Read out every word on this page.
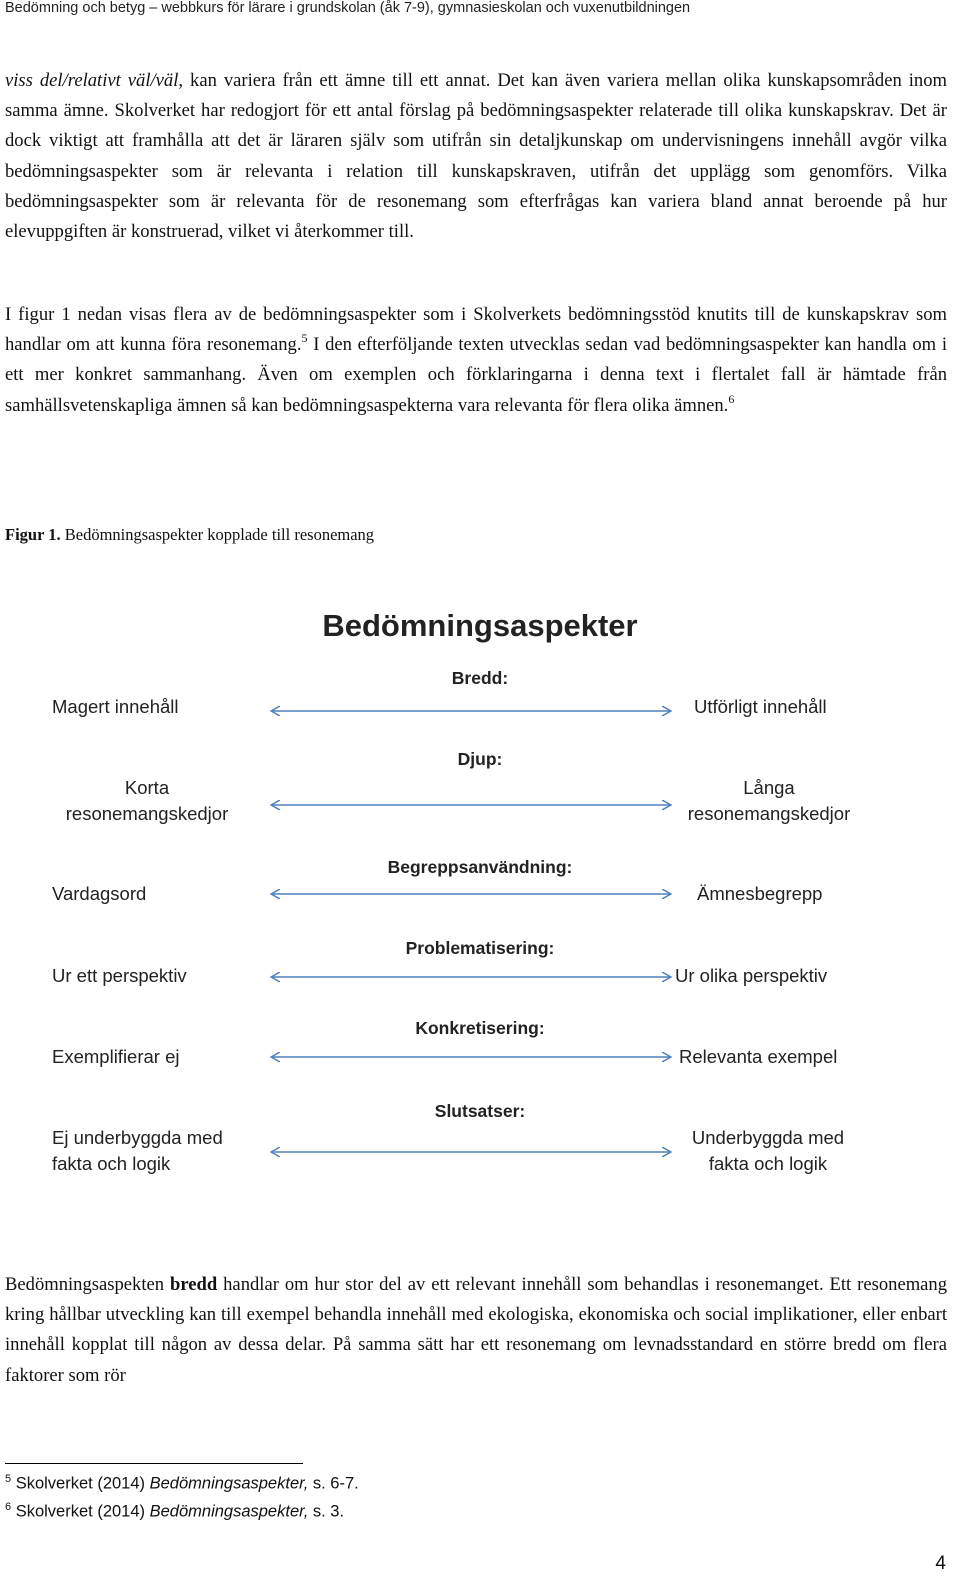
Bedömning och betyg – webbkurs för lärare i grundskolan (åk 7-9), gymnasieskolan och vuxenutbildningen
viss del/relativt väl/väl, kan variera från ett ämne till ett annat. Det kan även variera mellan olika kunskapsområden inom samma ämne. Skolverket har redogjort för ett antal förslag på bedömningsaspekter relaterade till olika kunskapskrav. Det är dock viktigt att framhålla att det är läraren själv som utifrån sin detaljkunskap om undervisningens innehåll avgör vilka bedömningsaspekter som är relevanta i relation till kunskapskraven, utifrån det upplägg som genomförs. Vilka bedömningsaspekter som är relevanta för de resonemang som efterfrågas kan variera bland annat beroende på hur elevuppgiften är konstruerad, vilket vi återkommer till.
I figur 1 nedan visas flera av de bedömningsaspekter som i Skolverkets bedömningsstöd knutits till de kunskapskrav som handlar om att kunna föra resonemang.$^5$ I den efterföljande texten utvecklas sedan vad bedömningsaspekter kan handla om i ett mer konkret sammanhang. Även om exemplen och förklaringarna i denna text i flertalet fall är hämtade från samhällsvetenskapliga ämnen så kan bedömningsaspekterna vara relevanta för flera olika ämnen.$^6$
Figur 1. Bedömningsaspekter kopplade till resonemang
Bedömningsaspekter
Bredd:
Magert innehåll	Utförligt innehåll
Djup:
Korta
resonemangskedjor
Långa
resonemangskedjor
Begreppsanvändning:
Vardagsord	Ämnesbegrepp
Problematisering:
Ur ett perspektiv	Ur olika perspektiv
Konkretisering:
Exemplifierar ej	Relevanta exempel
Slutsatser:
Ej underbyggda med
fakta och logik
Underbyggda med
fakta och logik
Bedömningsaspekten bredd handlar om hur stor del av ett relevant innehåll som behandlas i resonemanget. Ett resonemang kring hållbar utveckling kan till exempel behandla innehåll med ekologiska, ekonomiska och social implikationer, eller enbart innehåll kopplat till någon av dessa delar. På samma sätt har ett resonemang om levnadsstandard en större bredd om flera faktorer som rör
$^5$ Skolverket (2014) Bedömningsaspekter, s. 6-7.
$^6$ Skolverket (2014) Bedömningsaspekter, s. 3.
4
